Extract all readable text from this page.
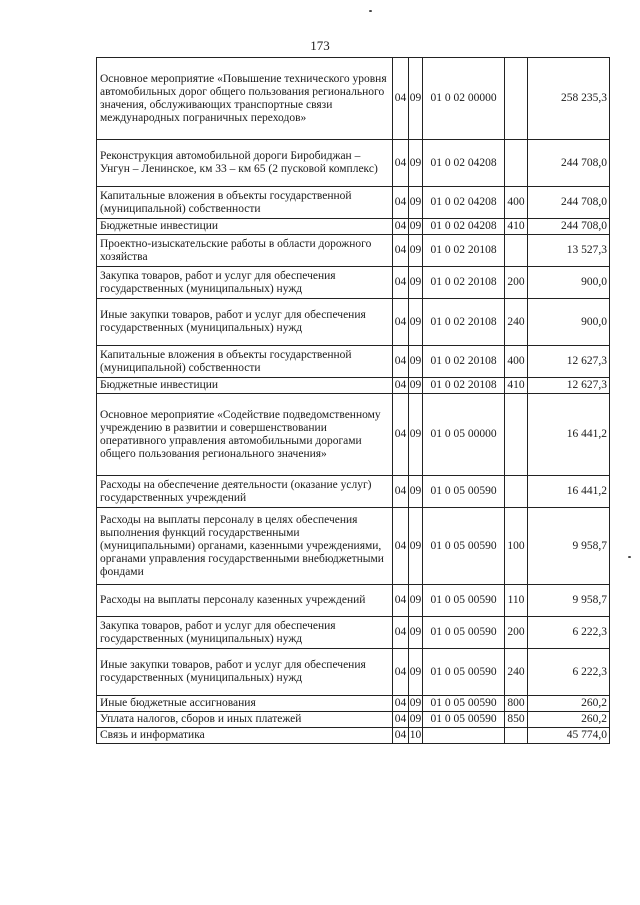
173
Основное мероприятие «Повышение технического уровня автомобильных дорог общего пользования регионального значения, обслуживающих транспортные связи международных пограничных переходов»	04	09	01 0 02 00000		258 235,3
Реконструкция автомобильной дороги Биробиджан – Унгун – Ленинское, км 33 – км 65 (2 пусковой комплекс)	04	09	01 0 02 04208		244 708,0
Капитальные вложения в объекты государственной (муниципальной) собственности	04	09	01 0 02 04208	400	244 708,0
Бюджетные инвестиции	04	09	01 0 02 04208	410	244 708,0
Проектно-изыскательские работы в области дорожного хозяйства	04	09	01 0 02 20108		13 527,3
Закупка товаров, работ и услуг для обеспечения государственных (муниципальных) нужд	04	09	01 0 02 20108	200	900,0
Иные закупки товаров, работ и услуг для обеспечения государственных (муниципальных) нужд	04	09	01 0 02 20108	240	900,0
Капитальные вложения в объекты государственной (муниципальной) собственности	04	09	01 0 02 20108	400	12 627,3
Бюджетные инвестиции	04	09	01 0 02 20108	410	12 627,3
Основное мероприятие «Содействие подведомственному учреждению в развитии и совершенствовании оперативного управления автомобильными дорогами общего пользования регионального значения»	04	09	01 0 05 00000		16 441,2
Расходы на обеспечение деятельности (оказание услуг) государственных учреждений	04	09	01 0 05 00590		16 441,2
Расходы на выплаты персоналу в целях обеспечения выполнения функций государственными (муниципальными) органами, казенными учреждениями, органами управления государственными внебюджетными фондами	04	09	01 0 05 00590	100	9 958,7
Расходы на выплаты персоналу казенных учреждений	04	09	01 0 05 00590	110	9 958,7
Закупка товаров, работ и услуг для обеспечения государственных (муниципальных) нужд	04	09	01 0 05 00590	200	6 222,3
Иные закупки товаров, работ и услуг для обеспечения государственных (муниципальных) нужд	04	09	01 0 05 00590	240	6 222,3
Иные бюджетные ассигнования	04	09	01 0 05 00590	800	260,2
Уплата налогов, сборов и иных платежей	04	09	01 0 05 00590	850	260,2
Связь и информатика	04	10			45 774,0
